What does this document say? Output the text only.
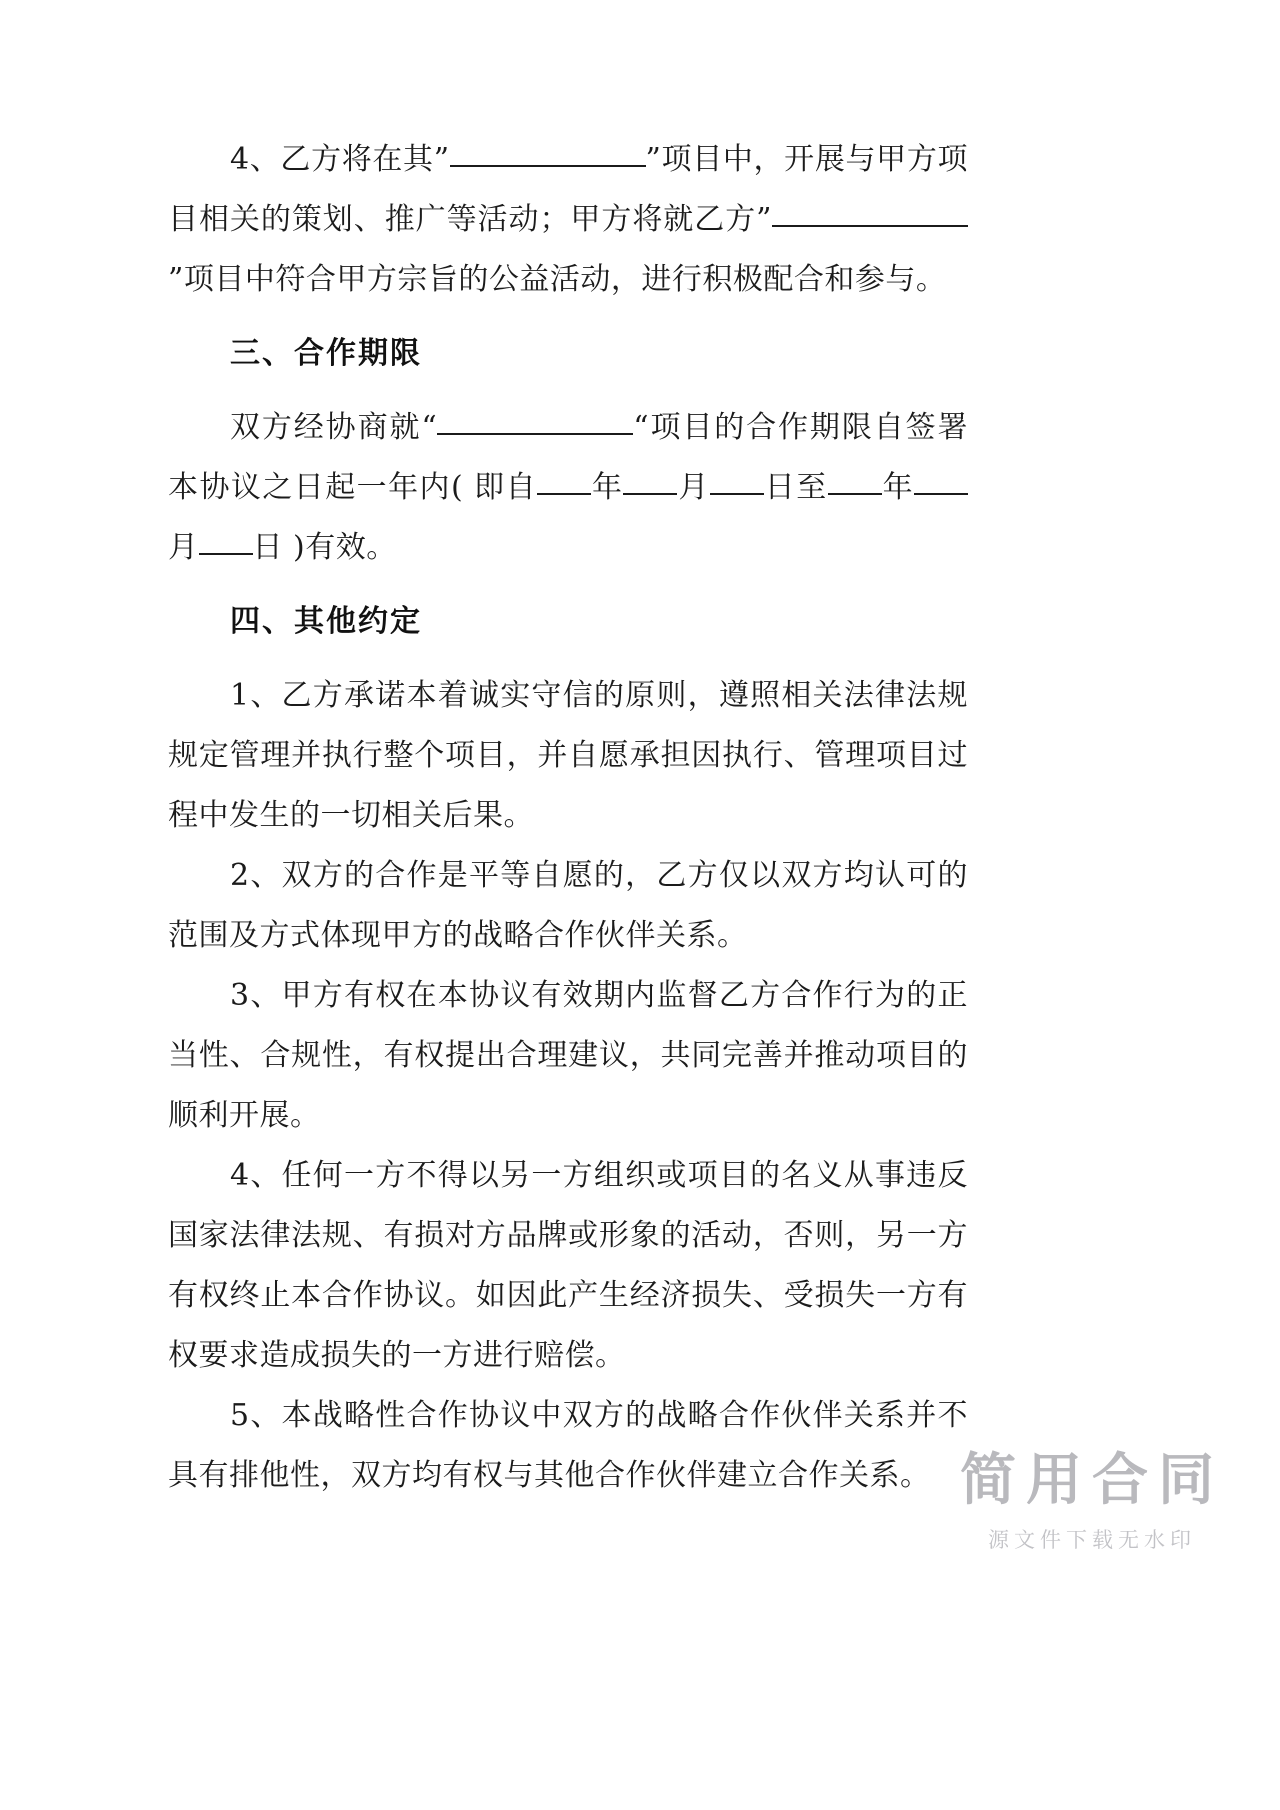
4、乙方将在其”	”项目中，开展与甲方项目相关的策划、推广等活动；甲方将就乙方””项目中符合甲方宗旨的公益活动，进行积极配合和参与。
三、合作期限
双方经协商就“	“项目的合作期限自签署本协议之日起一年内( 即自 年 月 日至 年月 日 )有效。
四、其他约定
1、乙方承诺本着诚实守信的原则，遵照相关法律法规规定管理并执行整个项目，并自愿承担因执行、管理项目过程中发生的一切相关后果。
2、双方的合作是平等自愿的，乙方仅以双方均认可的范围及方式体现甲方的战略合作伙伴关系。
3、甲方有权在本协议有效期内监督乙方合作行为的正当性、合规性，有权提出合理建议，共同完善并推动项目的顺利开展。
4、任何一方不得以另一方组织或项目的名义从事违反国家法律法规、有损对方品牌或形象的活动，否则，另一方有权终止本合作协议。如因此产生经济损失、受损失一方有权要求造成损失的一方进行赔偿。
5、本战略性合作协议中双方的战略合作伙伴关系并不具有排他性，双方均有权与其他合作伙伴建立合作关系。 简用合同
源文件下载无水印
